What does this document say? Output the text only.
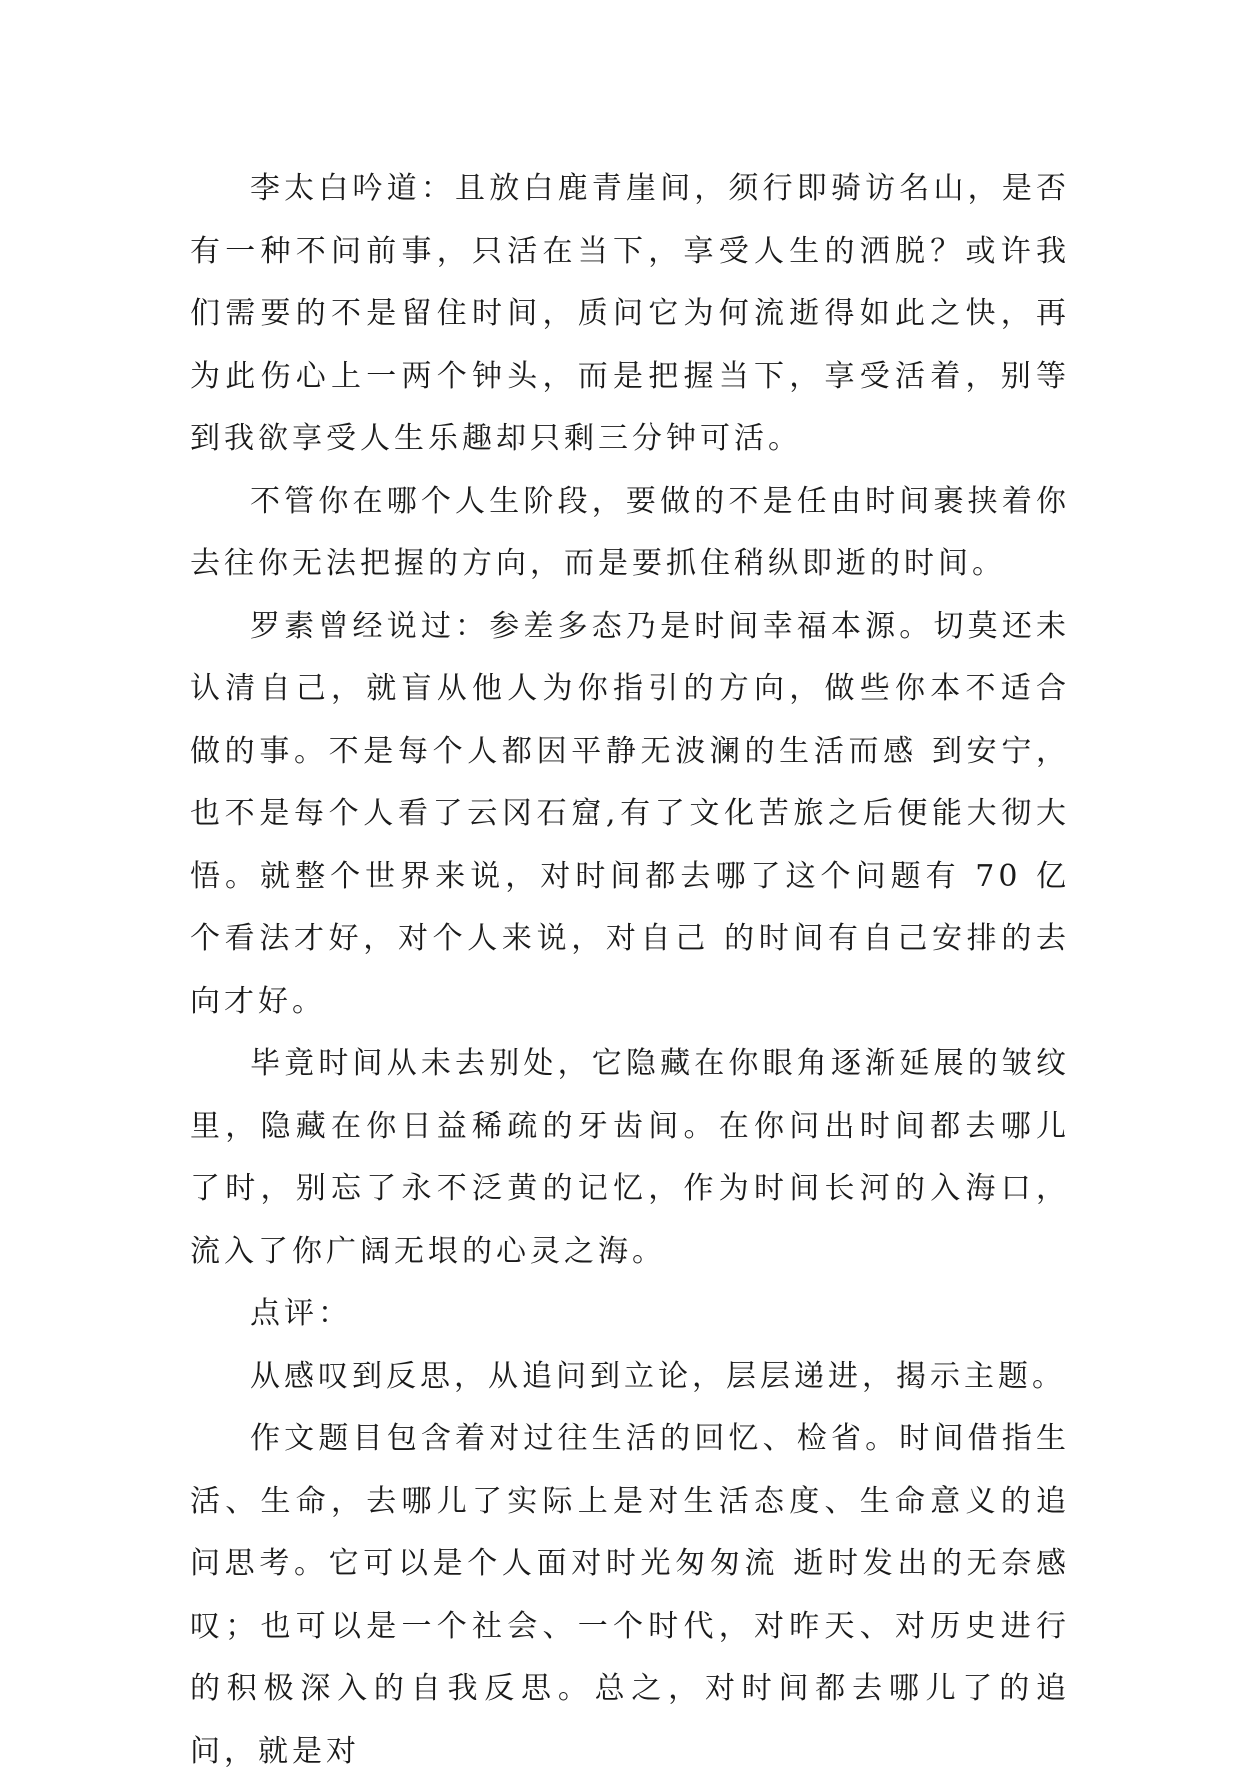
李太白吟道：且放白鹿青崖间，须行即骑访名山，是否有一种不问前事，只活在当下，享受人生的洒脱？或许我们需要的不是留住时间，质问它为何流逝得如此之快，再为此伤心上一两个钟头，而是把握当下，享受活着，别等到我欲享受人生乐趣却只剩三分钟可活。

不管你在哪个人生阶段，要做的不是任由时间裹挟着你去往你无法把握的方向，而是要抓住稍纵即逝的时间。

罗素曾经说过：参差多态乃是时间幸福本源。切莫还未认清自己，就盲从他人为你指引的方向，做些你本不适合做的事。不是每个人都因平静无波澜的生活而感 到安宁，也不是每个人看了云冈石窟,有了文化苦旅之后便能大彻大悟。就整个世界来说，对时间都去哪了这个问题有 70 亿个看法才好，对个人来说，对自己 的时间有自己安排的去向才好。

毕竟时间从未去别处，它隐藏在你眼角逐渐延展的皱纹里，隐藏在你日益稀疏的牙齿间。在你问出时间都去哪儿了时，别忘了永不泛黄的记忆，作为时间长河的入海口，流入了你广阔无垠的心灵之海。

点评：

从感叹到反思，从追问到立论，层层递进，揭示主题。

作文题目包含着对过往生活的回忆、检省。时间借指生活、生命，去哪儿了实际上是对生活态度、生命意义的追问思考。它可以是个人面对时光匆匆流 逝时发出的无奈感叹；也可以是一个社会、一个时代，对昨天、对历史进行的积极深入的自我反思。总之，对时间都去哪儿了的追问，就是对
